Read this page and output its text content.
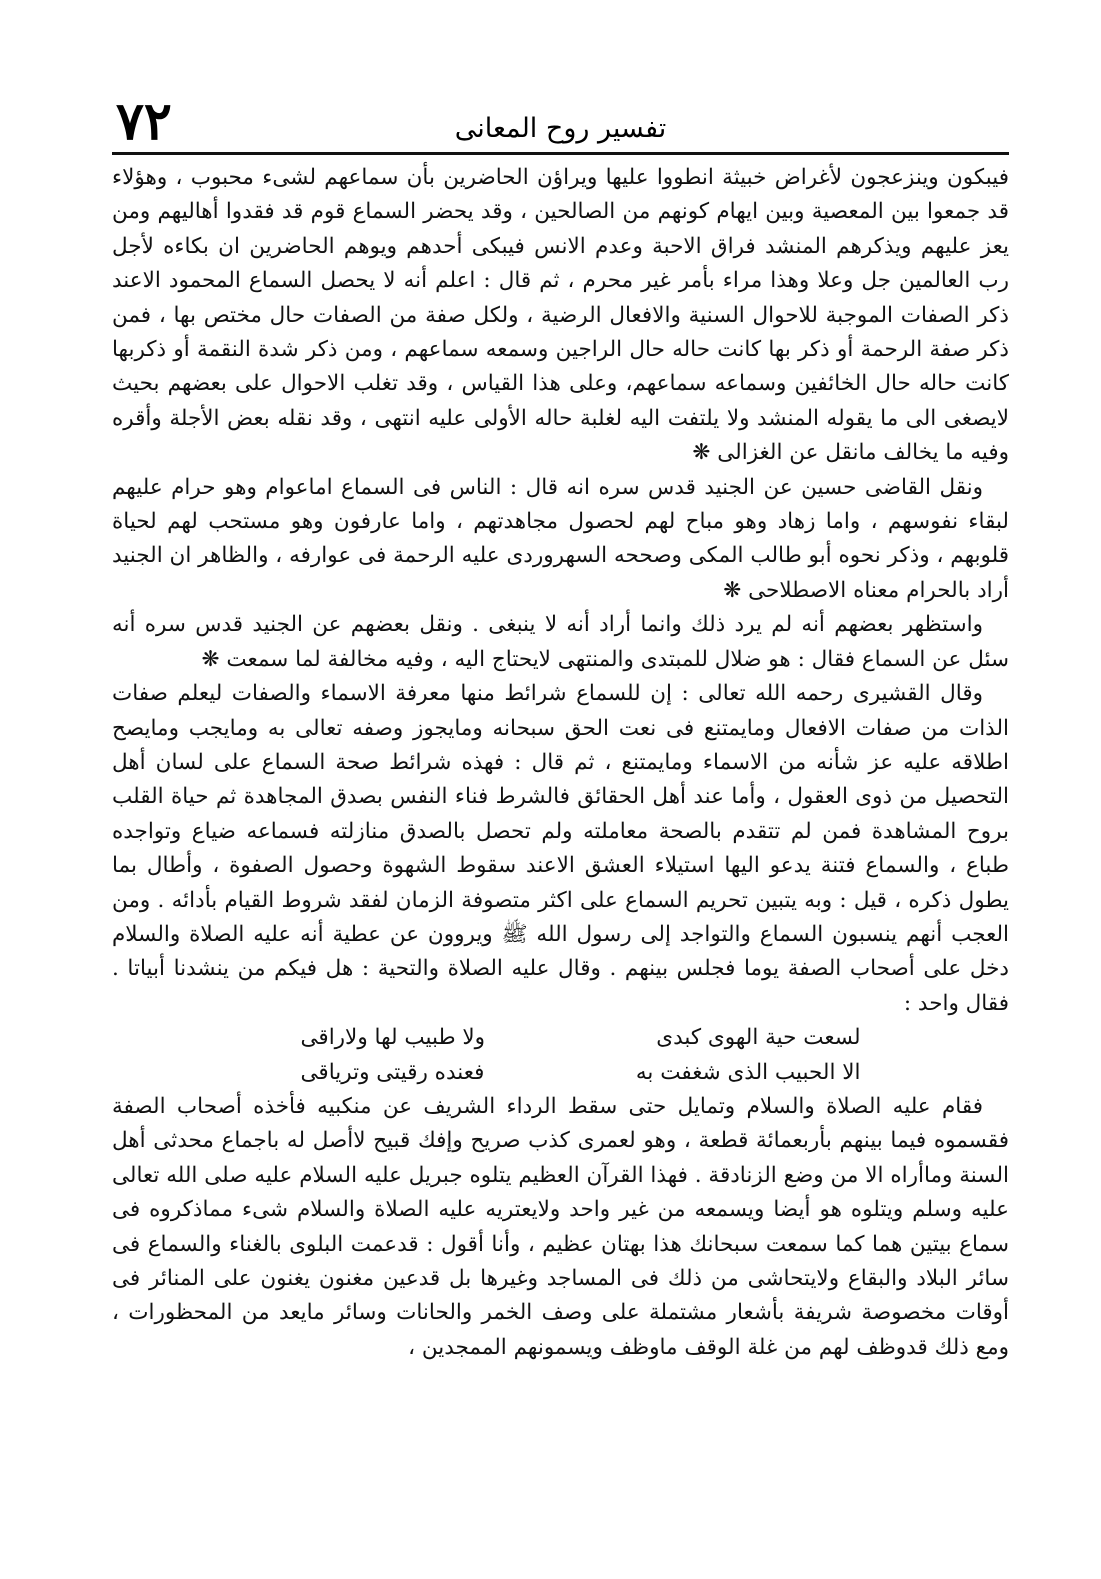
٧٢	تفسير روح المعانى

فيبكون وينزعجون لأغراض خبيثة انطووا عليها ويراؤن الحاضرين بأن سماعهم لشىء محبوب ، وهؤلاء قد جمعوا بين المعصية وبين ايهام كونهم من الصالحين ، وقد يحضر السماع قوم قد فقدوا أهاليهم ومن يعز عليهم ويذكرهم المنشد فراق الاحبة وعدم الانس فيبكى أحدهم ويوهم الحاضرين ان بكاءه لأجل رب العالمين جل وعلا وهذا مراء بأمر غير محرم ، ثم قال : اعلم أنه لا يحصل السماع المحمود الاعند ذكر الصفات الموجبة للاحوال السنية والافعال الرضية ، ولكل صفة من الصفات حال مختص بها ، فمن ذكر صفة الرحمة أو ذكر بها كانت حاله حال الراجين وسمعه سماعهم ، ومن ذكر شدة النقمة أو ذكربها كانت حاله حال الخائفين وسماعه سماعهم، وعلى هذا القياس ، وقد تغلب الاحوال على بعضهم بحيث لايصغى الى ما يقوله المنشد ولا يلتفت اليه لغلبة حاله الأولى عليه انتهى ، وقد نقله بعض الأجلة وأقره وفيه ما يخالف مانقل عن الغزالى ❋

ونقل القاضى حسين عن الجنيد قدس سره انه قال : الناس فى السماع اماعوام وهو حرام عليهم لبقاء نفوسهم ، واما زهاد وهو مباح لهم لحصول مجاهدتهم ، واما عارفون وهو مستحب لهم لحياة قلوبهم ، وذكر نحوه أبو طالب المكى وصححه السهروردى عليه الرحمة فى عوارفه ، والظاهر ان الجنيد أراد بالحرام معناه الاصطلاحى ❋

واستظهر بعضهم أنه لم يرد ذلك وانما أراد أنه لا ينبغى . ونقل بعضهم عن الجنيد قدس سره أنه سئل عن السماع فقال : هو ضلال للمبتدى والمنتهى لايحتاج اليه ، وفيه مخالفة لما سمعت ❋

وقال القشيرى رحمه الله تعالى : إن للسماع شرائط منها معرفة الاسماء والصفات ليعلم صفات الذات من صفات الافعال ومايمتنع فى نعت الحق سبحانه ومايجوز وصفه تعالى به ومايجب ومايصح اطلاقه عليه عز شأنه من الاسماء ومايمتنع ، ثم قال : فهذه شرائط صحة السماع على لسان أهل التحصيل من ذوى العقول ، وأما عند أهل الحقائق فالشرط فناء النفس بصدق المجاهدة ثم حياة القلب بروح المشاهدة فمن لم تتقدم بالصحة معاملته ولم تحصل بالصدق منازلته فسماعه ضياع وتواجده طباع ، والسماع فتنة يدعو اليها استيلاء العشق الاعند سقوط الشهوة وحصول الصفوة ، وأطال بما يطول ذكره ، قيل : وبه يتبين تحريم السماع على اكثر متصوفة الزمان لفقد شروط القيام بأدائه . ومن العجب أنهم ينسبون السماع والتواجد إلى رسول الله ﷺ ويروون عن عطية أنه عليه الصلاة والسلام دخل على أصحاب الصفة يوما فجلس بينهم . وقال عليه الصلاة والتحية : هل فيكم من ينشدنا أبياتا . فقال واحد :

لسعت حية الهوى كبدى
ولا طبيب لها ولاراقى
الا الحبيب الذى شغفت به
فعنده رقيتى وترياقى

فقام عليه الصلاة والسلام وتمايل حتى سقط الرداء الشريف عن منكبيه فأخذه أصحاب الصفة فقسموه فيما بينهم بأربعمائة قطعة ، وهو لعمرى كذب صريح وإفك قبيح لاأصل له باجماع محدثى أهل السنة وماأراه الا من وضع الزنادقة . فهذا القرآن العظيم يتلوه جبريل عليه السلام عليه صلى الله تعالى عليه وسلم ويتلوه هو أيضا ويسمعه من غير واحد ولايعتريه عليه الصلاة والسلام شىء مماذكروه فى سماع بيتين هما كما سمعت سبحانك هذا بهتان عظيم ، وأنا أقول : قدعمت البلوى بالغناء والسماع فى سائر البلاد والبقاع ولايتحاشى من ذلك فى المساجد وغيرها بل قدعين مغنون يغنون على المنائر فى أوقات مخصوصة شريفة بأشعار مشتملة على وصف الخمر والحانات وسائر مايعد من المحظورات ، ومع ذلك قدوظف لهم من غلة الوقف ماوظف ويسمونهم الممجدين ،
